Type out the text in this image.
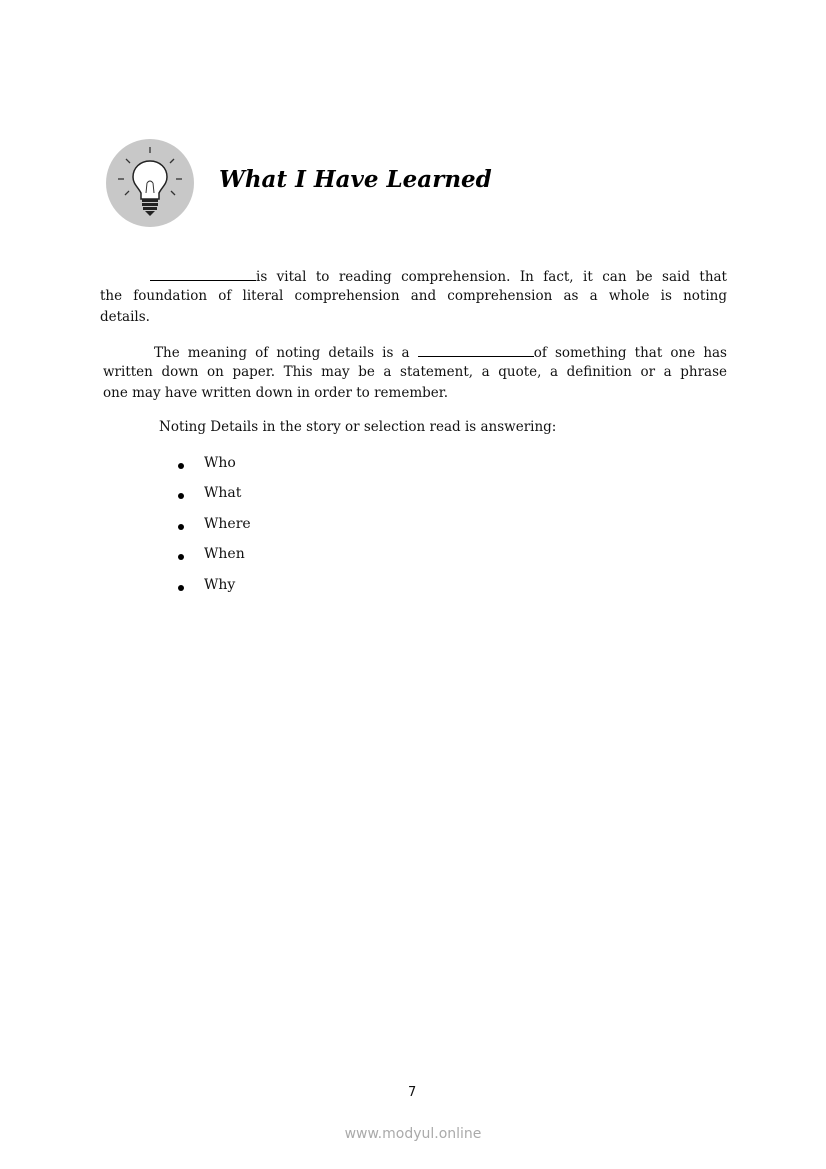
What I Have Learned
is vital to reading comprehension. In fact, it can be said that
the foundation of literal comprehension and comprehension as a whole is noting
details.
The meaning of noting details is a	of something that one has
written down on paper. This may be a statement, a quote, a definition or a phrase
one may have written down in order to remember.
Noting Details in the story or selection read is answering:
Who
What
Where
When
Why
7
www.modyul.online
